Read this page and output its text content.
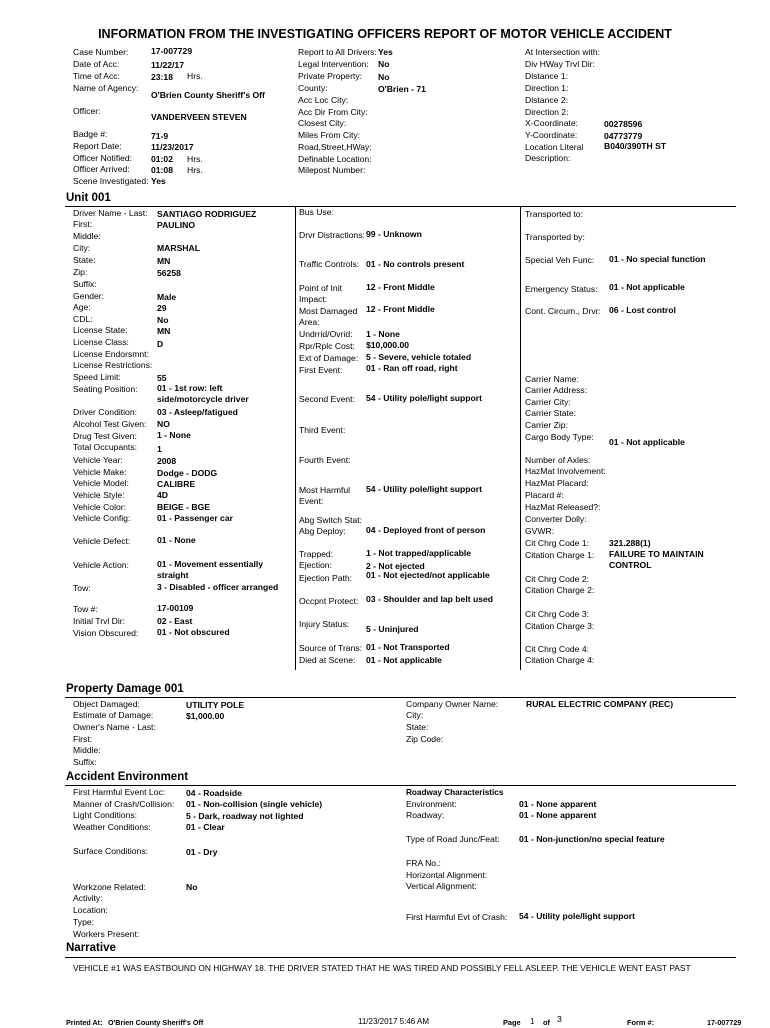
INFORMATION FROM THE INVESTIGATING OFFICERS REPORT OF MOTOR VEHICLE ACCIDENT
Case Number:	17-007729
Date of Acc:	11/22/17
Time of Acc:	23:18 Hrs.
Name of Agency:
O'Brien County Sheriff's Off
Officer:
VANDERVEEN STEVEN
Badge #:	71-9
Report Date:	11/23/2017
Officer Notified: 01:02 Hrs.
Officer Arrived: 01:08 Hrs.
Scene Investigated: Yes
Report to All Drivers: Yes
Legal Intervention: No
Private Property: No
County:	O'Brien - 71
Acc Loc City:
Acc Dir From City:
Closest City:
Miles From City:
Road,Street,HWay:
Definable Location:
Milepost Number:
At Intersection with:
Div HWay Trvl Dir:
Distance 1:
Direction 1:
Distance 2:
Direction 2:
X-Coordinate:	00278596
Y-Coordinate:	04773779
Location Literal B040/390TH ST
Description:
Unit 001
Driver Name - Last: SANTIAGO RODRIGUEZ
First:	PAULINO
Middle:
City:	MARSHAL
State:	MN
Zip:	56258
Suffix:
Gender:	Male
Age:	29
CDL:	No
License State:	MN
License Class:	D
License Endorsmnt:
License Restrictions:
Speed Limit:	55
Seating Position: 01 - 1st row: left
side/motorcycle driver
Driver Condition: 03 - Asleep/fatigued
Alcohol Test Given: NO
Drug Test Given: 1 - None
Total Occupants: 1
Vehicle Year:	2008
Vehicle Make:	Dodge - DODG
Vehicle Model:	CALIBRE
Vehicle Style:	4D
Vehicle Color:	BEIGE - BGE
Vehicle Config:	01 - Passenger car
Vehicle Defect:	01 - None
Vehicle Action:	01 - Movement essentially
straight
Tow:	3 - Disabled - officer arranged
Tow #:	17-00109
Initial Trvl Dir:	02 - East
Vision Obscured: 01 - Not obscured
Bus Use:
Drvr Distractions: 99 - Unknown
Traffic Controls: 01 - No controls present
Point of Init	12 - Front Middle
Impact:
Most Damaged 12 - Front Middle
Area:
Undrrid/Ovrid: 1 - None
Rpr/Rplc Cost: $10,000.00
Ext of Damage: 5 - Severe, vehicle totaled
First Event:	01 - Ran off road, right
Second Event: 54 - Utility pole/light support
Third Event:
Fourth Event:
Most Harmful 54 - Utility pole/light support
Event:
Abg Switch Stat:
Abg Deploy: 04 - Deployed front of person
Trapped:	1 - Not trapped/applicable
Ejection:	2 - Not ejected
Ejection Path: 01 - Not ejected/not applicable
Occpnt Protect: 03 - Shoulder and lap belt used
Injury Status: 5 - Uninjured
Source of Trans: 01 - Not Transported
Died at Scene: 01 - Not applicable
Transported to:
Transported by:
Special Veh Func: 01 - No special function
Emergency Status: 01 - Not applicable
Cont. Circum., Drvr: 06 - Lost control
Carrier Name:
Carrier Address:
Carrier City:
Carrier State:
Carrier Zip:
Cargo Body Type: 01 - Not applicable
Number of Axles:
HazMat Involvement:
HazMat Placard:
Placard #:
HazMat Released?:
Converter Dolly:
GVWR:
Cit Chrg Code 1: 321.288(1)
Citation Charge 1: FAILURE TO MAINTAIN
CONTROL
Cit Chrg Code 2:
Citation Charge 2:
Cit Chrg Code 3:
Citation Charge 3:
Cit Chrg Code 4:
Citation Charge 4:
Property Damage 001
Object Damaged:	UTILITY POLE
Estimate of Damage:	$1,000.00
Owner's Name - Last:
First:
Middle:
Suffix:
Company Owner Name:	RURAL ELECTRIC COMPANY (REC)
City:
State:
Zip Code:
Accident Environment
First Harmful Event Loc: 04 - Roadside
Manner of Crash/Collision: 01 - Non-collision (single vehicle)
Light Conditions:	5 - Dark, roadway not lighted
Weather Conditions:	01 - Clear
Surface Conditions:	01 - Dry
Workzone Related:	No
Activity:
Location:
Type:
Workers Present:
Roadway Characteristics
Environment:	01 - None apparent
Roadway:	01 - None apparent
Type of Road Junc/Feat: 01 - Non-junction/no special feature
FRA No.:
Horizontal Alignment:
Vertical Alignment:
First Harmful Evt of Crash: 54 - Utility pole/light support
Narrative
VEHICLE #1 WAS EASTBOUND ON HIGHWAY 18. THE DRIVER STATED THAT HE WAS TIRED AND POSSIBLY FELL ASLEEP. THE VEHICLE WENT EAST PAST
Printed At: O'Brien County Sheriff's Off	11/23/2017 5:46 AM	Page 1 of 3	Form #:	17-007729
